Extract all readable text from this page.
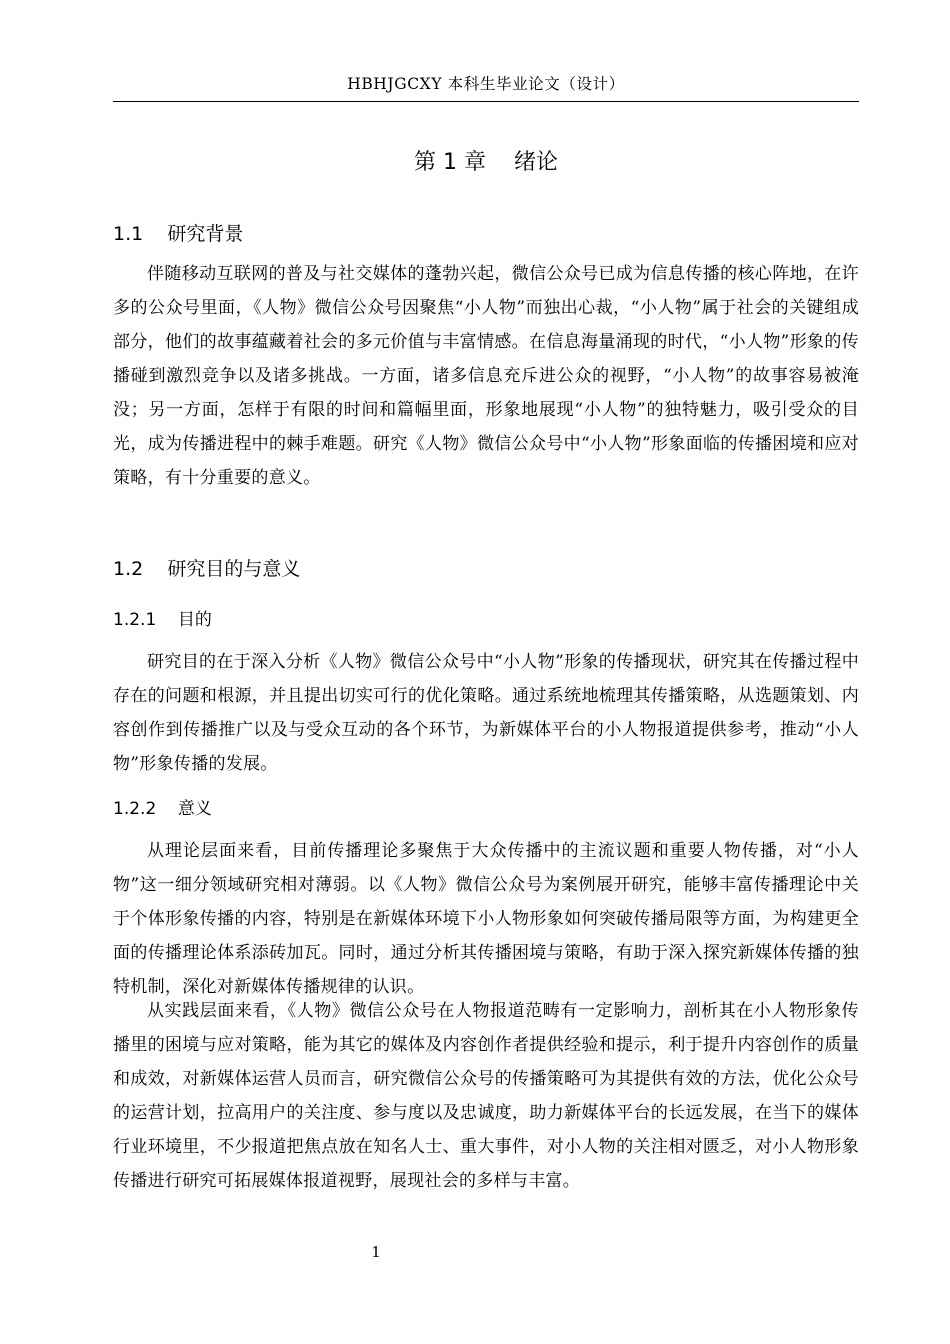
HBHJGCXY 本科生毕业论文（设计）
第 1 章    绪论
1.1    研究背景

伴随移动互联网的普及与社交媒体的蓬勃兴起，微信公众号已成为信息传播的核心阵地，在许多的公众号里面，《人物》微信公众号因聚焦“小人物”而独出心裁，“小人物”属于社会的关键组成部分，他们的故事蕴藏着社会的多元价值与丰富情感。在信息海量涌现的时代，“小人物”形象的传播碰到激烈竞争以及诸多挑战。一方面，诸多信息充斥进公众的视野，“小人物”的故事容易被淹没；另一方面，怎样于有限的时间和篇幅里面，形象地展现“小人物”的独特魅力，吸引受众的目光，成为传播进程中的棘手难题。研究《人物》微信公众号中“小人物”形象面临的传播困境和应对策略，有十分重要的意义。

1.2    研究目的与意义
1.2.1    目的

研究目的在于深入分析《人物》微信公众号中“小人物”形象的传播现状，研究其在传播过程中存在的问题和根源，并且提出切实可行的优化策略。通过系统地梳理其传播策略，从选题策划、内容创作到传播推广以及与受众互动的各个环节，为新媒体平台的小人物报道提供参考，推动“小人物”形象传播的发展。

1.2.2    意义

从理论层面来看，目前传播理论多聚焦于大众传播中的主流议题和重要人物传播，对“小人物”这一细分领域研究相对薄弱。以《人物》微信公众号为案例展开研究，能够丰富传播理论中关于个体形象传播的内容，特别是在新媒体环境下小人物形象如何突破传播局限等方面，为构建更全面的传播理论体系添砖加瓦。同时，通过分析其传播困境与策略，有助于深入探究新媒体传播的独特机制，深化对新媒体传播规律的认识。

从实践层面来看，《人物》微信公众号在人物报道范畴有一定影响力，剖析其在小人物形象传播里的困境与应对策略，能为其它的媒体及内容创作者提供经验和提示，利于提升内容创作的质量和成效，对新媒体运营人员而言，研究微信公众号的传播策略可为其提供有效的方法，优化公众号的运营计划，拉高用户的关注度、参与度以及忠诚度，助力新媒体平台的长远发展，在当下的媒体行业环境里，不少报道把焦点放在知名人士、重大事件，对小人物的关注相对匮乏，对小人物形象传播进行研究可拓展媒体报道视野，展现社会的多样与丰富。

1
